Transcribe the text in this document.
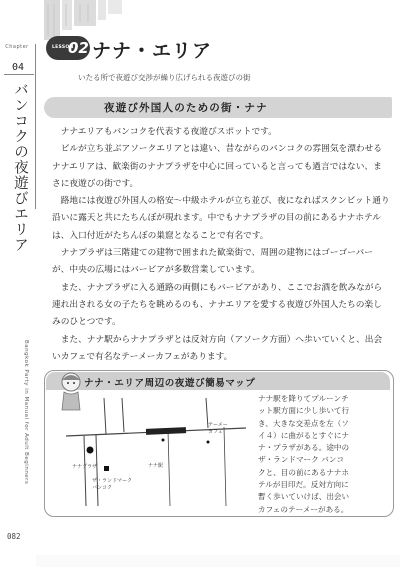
Chapter
04
バンコクの夜遊びエリア
Bangkok Party in Manual for Adult Beginners
082
LESSON
02 ナナ・エリア
いたる所で夜遊び交渉が繰り広げられる夜遊びの街
夜遊び外国人のための街・ナナ

ナナエリアもバンコクを代表する夜遊びスポットです。

ビルが立ち並ぶアソークエリアとは違い、昔ながらのバンコクの雰囲気を漂わせるナナエリアは、歓楽街のナナプラザを中心に回っていると言っても過言ではない、まさに夜遊びの街です。

路地には夜遊び外国人の格安〜中級ホテルが立ち並び、夜になればスクンビット通り沿いに露天と共にたちんぼが現れます。中でもナナプラザの目の前にあるナナホテルは、入口付近がたちんぼの巣窟となることで有名です。

ナナプラザは三階建ての建物で囲まれた歓楽街で、周囲の建物にはゴーゴーバーが、中央の広場にはバービアが多数営業しています。

また、ナナプラザに入る通路の両側にもバービアがあり、ここでお酒を飲みながら連れ出される女の子たちを眺めるのも、ナナエリアを愛する夜遊び外国人たちの楽しみのひとつです。

また、ナナ駅からナナプラザとは反対方向（アソーク方面）へ歩いていくと、出会いカフェで有名なテーメーカフェがあります。

ナナ・エリア周辺の夜遊び簡易マップ
ナナ駅を降りてプルーンチット駅方面に少し歩いて行き、大きな交差点を左（ソイ４）に曲がるとすぐにナナ・プラザがある。途中のザ・ランドマーク バンコクと、目の前にあるナナホテルが目印だ。反対方向に暫く歩いていけば、出会いカフェのテーメーがある。
ナナプラザ	ナナ駅
ザ・ランドマーク バンコク
テーメー カフェ
